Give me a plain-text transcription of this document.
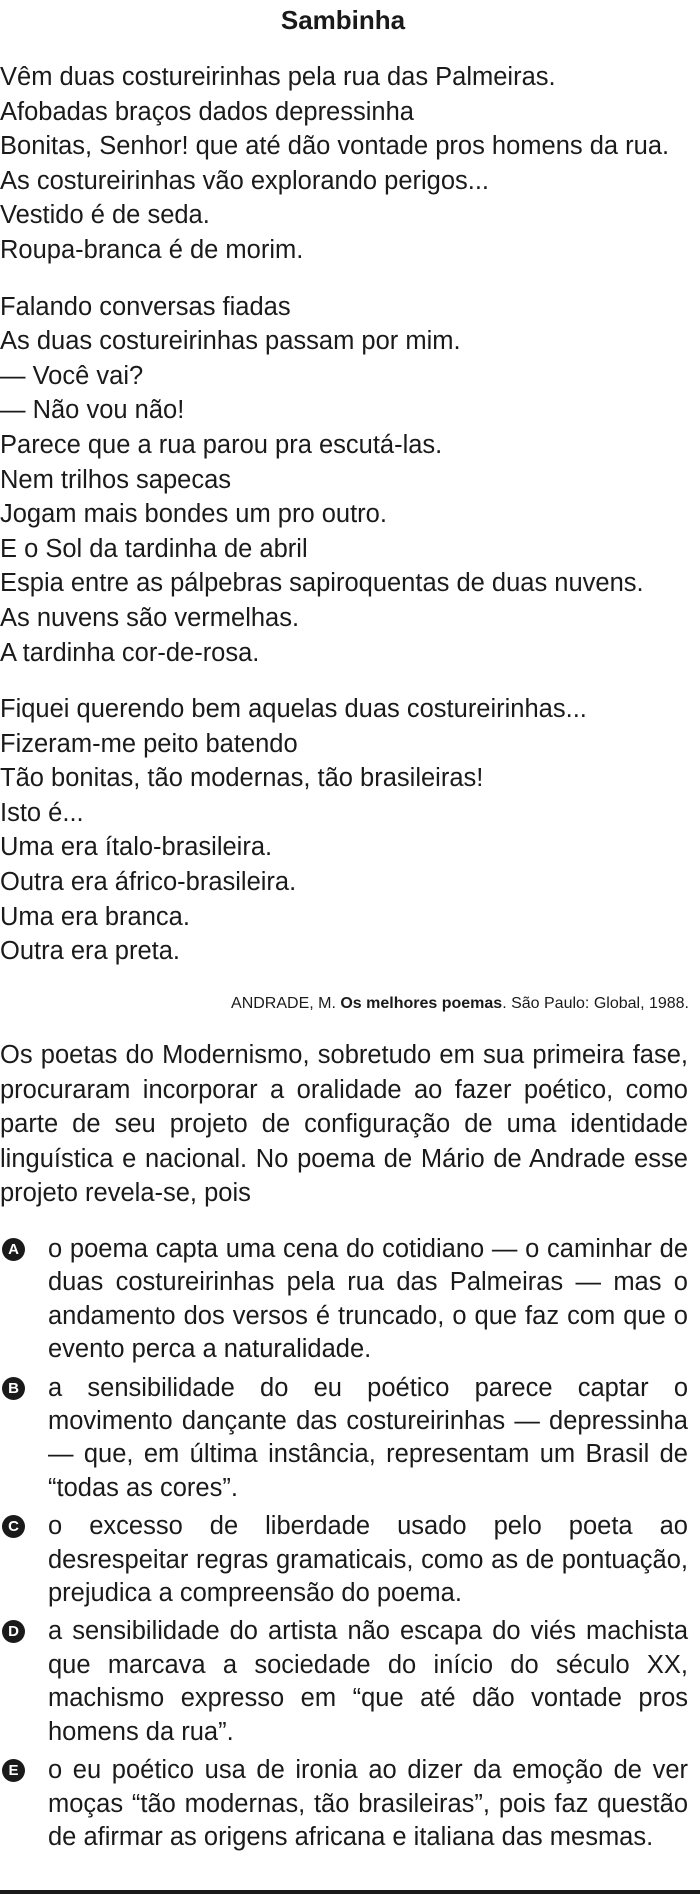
Sambinha
Vêm duas costureirinhas pela rua das Palmeiras.
Afobadas braços dados depressinha
Bonitas, Senhor! que até dão vontade pros homens da rua.
As costureirinhas vão explorando perigos...
Vestido é de seda.
Roupa-branca é de morim.
Falando conversas fiadas
As duas costureirinhas passam por mim.
— Você vai?
— Não vou não!
Parece que a rua parou pra escutá-las.
Nem trilhos sapecas
Jogam mais bondes um pro outro.
E o Sol da tardinha de abril
Espia entre as pálpebras sapiroquentas de duas nuvens.
As nuvens são vermelhas.
A tardinha cor-de-rosa.
Fiquei querendo bem aquelas duas costureirinhas...
Fizeram-me peito batendo
Tão bonitas, tão modernas, tão brasileiras!
Isto é...
Uma era ítalo-brasileira.
Outra era áfrico-brasileira.
Uma era branca.
Outra era preta.
ANDRADE, M. Os melhores poemas. São Paulo: Global, 1988.
Os poetas do Modernismo, sobretudo em sua primeira fase, procuraram incorporar a oralidade ao fazer poético, como parte de seu projeto de configuração de uma identidade linguística e nacional. No poema de Mário de Andrade esse projeto revela-se, pois
A o poema capta uma cena do cotidiano — o caminhar de duas costureirinhas pela rua das Palmeiras — mas o andamento dos versos é truncado, o que faz com que o evento perca a naturalidade.
B a sensibilidade do eu poético parece captar o movimento dançante das costureirinhas — depressinha — que, em última instância, representam um Brasil de “todas as cores”.
C o excesso de liberdade usado pelo poeta ao desrespeitar regras gramaticais, como as de pontuação, prejudica a compreensão do poema.
D a sensibilidade do artista não escapa do viés machista que marcava a sociedade do início do século XX, machismo expresso em “que até dão vontade pros homens da rua”.
E o eu poético usa de ironia ao dizer da emoção de ver moças “tão modernas, tão brasileiras”, pois faz questão de afirmar as origens africana e italiana das mesmas.
